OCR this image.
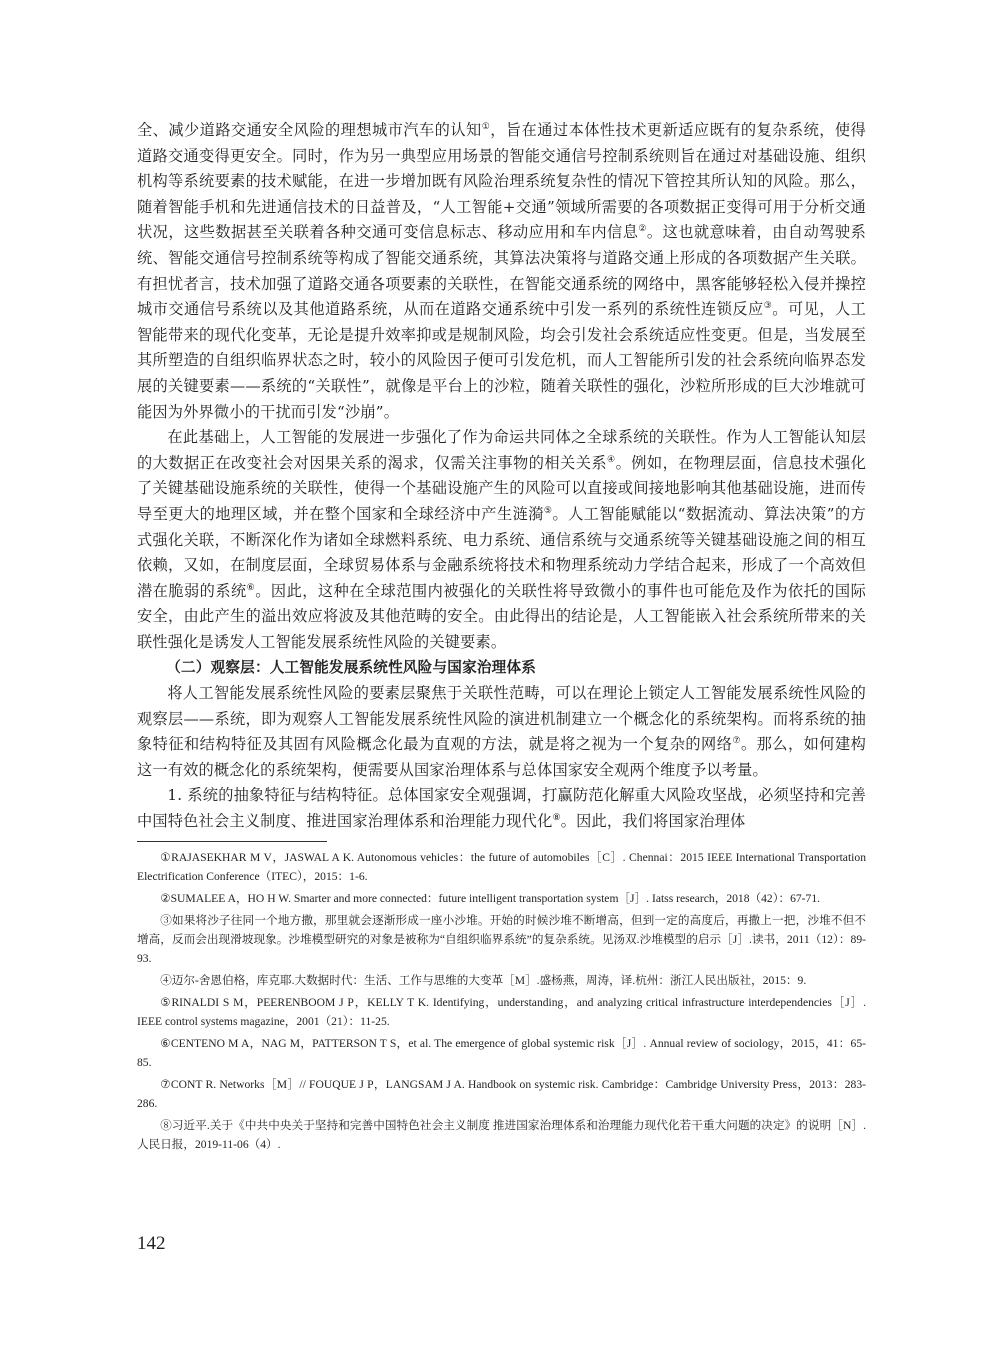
全、减少道路交通安全风险的理想城市汽车的认知①，旨在通过本体性技术更新适应既有的复杂系统，使得道路交通变得更安全。同时，作为另一典型应用场景的智能交通信号控制系统则旨在通过对基础设施、组织机构等系统要素的技术赋能，在进一步增加既有风险治理系统复杂性的情况下管控其所认知的风险。那么，随着智能手机和先进通信技术的日益普及，“人工智能+交通”领域所需要的各项数据正变得可用于分析交通状况，这些数据甚至关联着各种交通可变信息标志、移动应用和车内信息②。这也就意味着，由自动驾驶系统、智能交通信号控制系统等构成了智能交通系统，其算法决策将与道路交通上形成的各项数据产生关联。有担忧者言，技术加强了道路交通各项要素的关联性，在智能交通系统的网络中，黑客能够轻松入侵并操控城市交通信号系统以及其他道路系统，从而在道路交通系统中引发一系列的系统性连锁反应③。可见，人工智能带来的现代化变革，无论是提升效率抑或是规制风险，均会引发社会系统适应性变更。但是，当发展至其所塑造的自组织临界状态之时，较小的风险因子便可引发危机，而人工智能所引发的社会系统向临界态发展的关键要素——系统的“关联性”，就像是平台上的沙粒，随着关联性的强化，沙粒所形成的巨大沙堆就可能因为外界微小的干扰而引发“沙崩”。

在此基础上，人工智能的发展进一步强化了作为命运共同体之全球系统的关联性。作为人工智能认知层的大数据正在改变社会对因果关系的渴求，仅需关注事物的相关关系④。例如，在物理层面，信息技术强化了关键基础设施系统的关联性，使得一个基础设施产生的风险可以直接或间接地影响其他基础设施，进而传导至更大的地理区域，并在整个国家和全球经济中产生涟漪⑤。人工智能赋能以“数据流动、算法决策”的方式强化关联，不断深化作为诸如全球燃料系统、电力系统、通信系统与交通系统等关键基础设施之间的相互依赖，又如，在制度层面，全球贸易体系与金融系统将技术和物理系统动力学结合起来，形成了一个高效但潜在脆弱的系统⑥。因此，这种在全球范围内被强化的关联性将导致微小的事件也可能危及作为依托的国际安全，由此产生的溢出效应将波及其他范畴的安全。由此得出的结论是，人工智能嵌入社会系统所带来的关联性强化是诱发人工智能发展系统性风险的关键要素。

（二）观察层：人工智能发展系统性风险与国家治理体系

将人工智能发展系统性风险的要素层聚焦于关联性范畴，可以在理论上锁定人工智能发展系统性风险的观察层——系统，即为观察人工智能发展系统性风险的演进机制建立一个概念化的系统架构。而将系统的抽象特征和结构特征及其固有风险概念化最为直观的方法，就是将之视为一个复杂的网络⑦。那么，如何建构这一有效的概念化的系统架构，便需要从国家治理体系与总体国家安全观两个维度予以考量。

1. 系统的抽象特征与结构特征。总体国家安全观强调，打赢防范化解重大风险攻坚战，必须坚持和完善中国特色社会主义制度、推进国家治理体系和治理能力现代化⑧。因此，我们将国家治理体

①RAJASEKHAR M V，JASWAL A K. Autonomous vehicles：the future of automobiles［C］. Chennai：2015 IEEE International Transportation Electrification Conference（ITEC），2015：1-6.

②SUMALEE A，HO H W. Smarter and more connected：future intelligent transportation system［J］. Iatss research，2018（42）：67-71.

③如果将沙子往同一个地方撒，那里就会逐渐形成一座小沙堆。开始的时候沙堆不断增高，但到一定的高度后，再撒上一把，沙堆不但不增高，反而会出现滑坡现象。沙堆模型研究的对象是被称为“自组织临界系统”的复杂系统。见汤双.沙堆模型的启示［J］.读书，2011（12）：89-93.

④迈尔-舍恩伯格，库克耶.大数据时代：生活、工作与思维的大变革［M］.盛杨燕，周涛，译.杭州：浙江人民出版社，2015：9.

⑤RINALDI S M，PEERENBOOM J P，KELLY T K. Identifying，understanding，and analyzing critical infrastructure interdependencies［J］. IEEE control systems magazine，2001（21）：11-25.

⑥CENTENO M A，NAG M，PATTERSON T S，et al. The emergence of global systemic risk［J］. Annual review of sociology，2015，41：65-85.

⑦CONT R. Networks［M］// FOUQUE J P，LANGSAM J A. Handbook on systemic risk. Cambridge：Cambridge University Press，2013：283-286.

⑧习近平.关于《中共中央关于坚持和完善中国特色社会主义制度 推进国家治理体系和治理能力现代化若干重大问题的决定》的说明［N］.人民日报，2019-11-06（4）.

142
